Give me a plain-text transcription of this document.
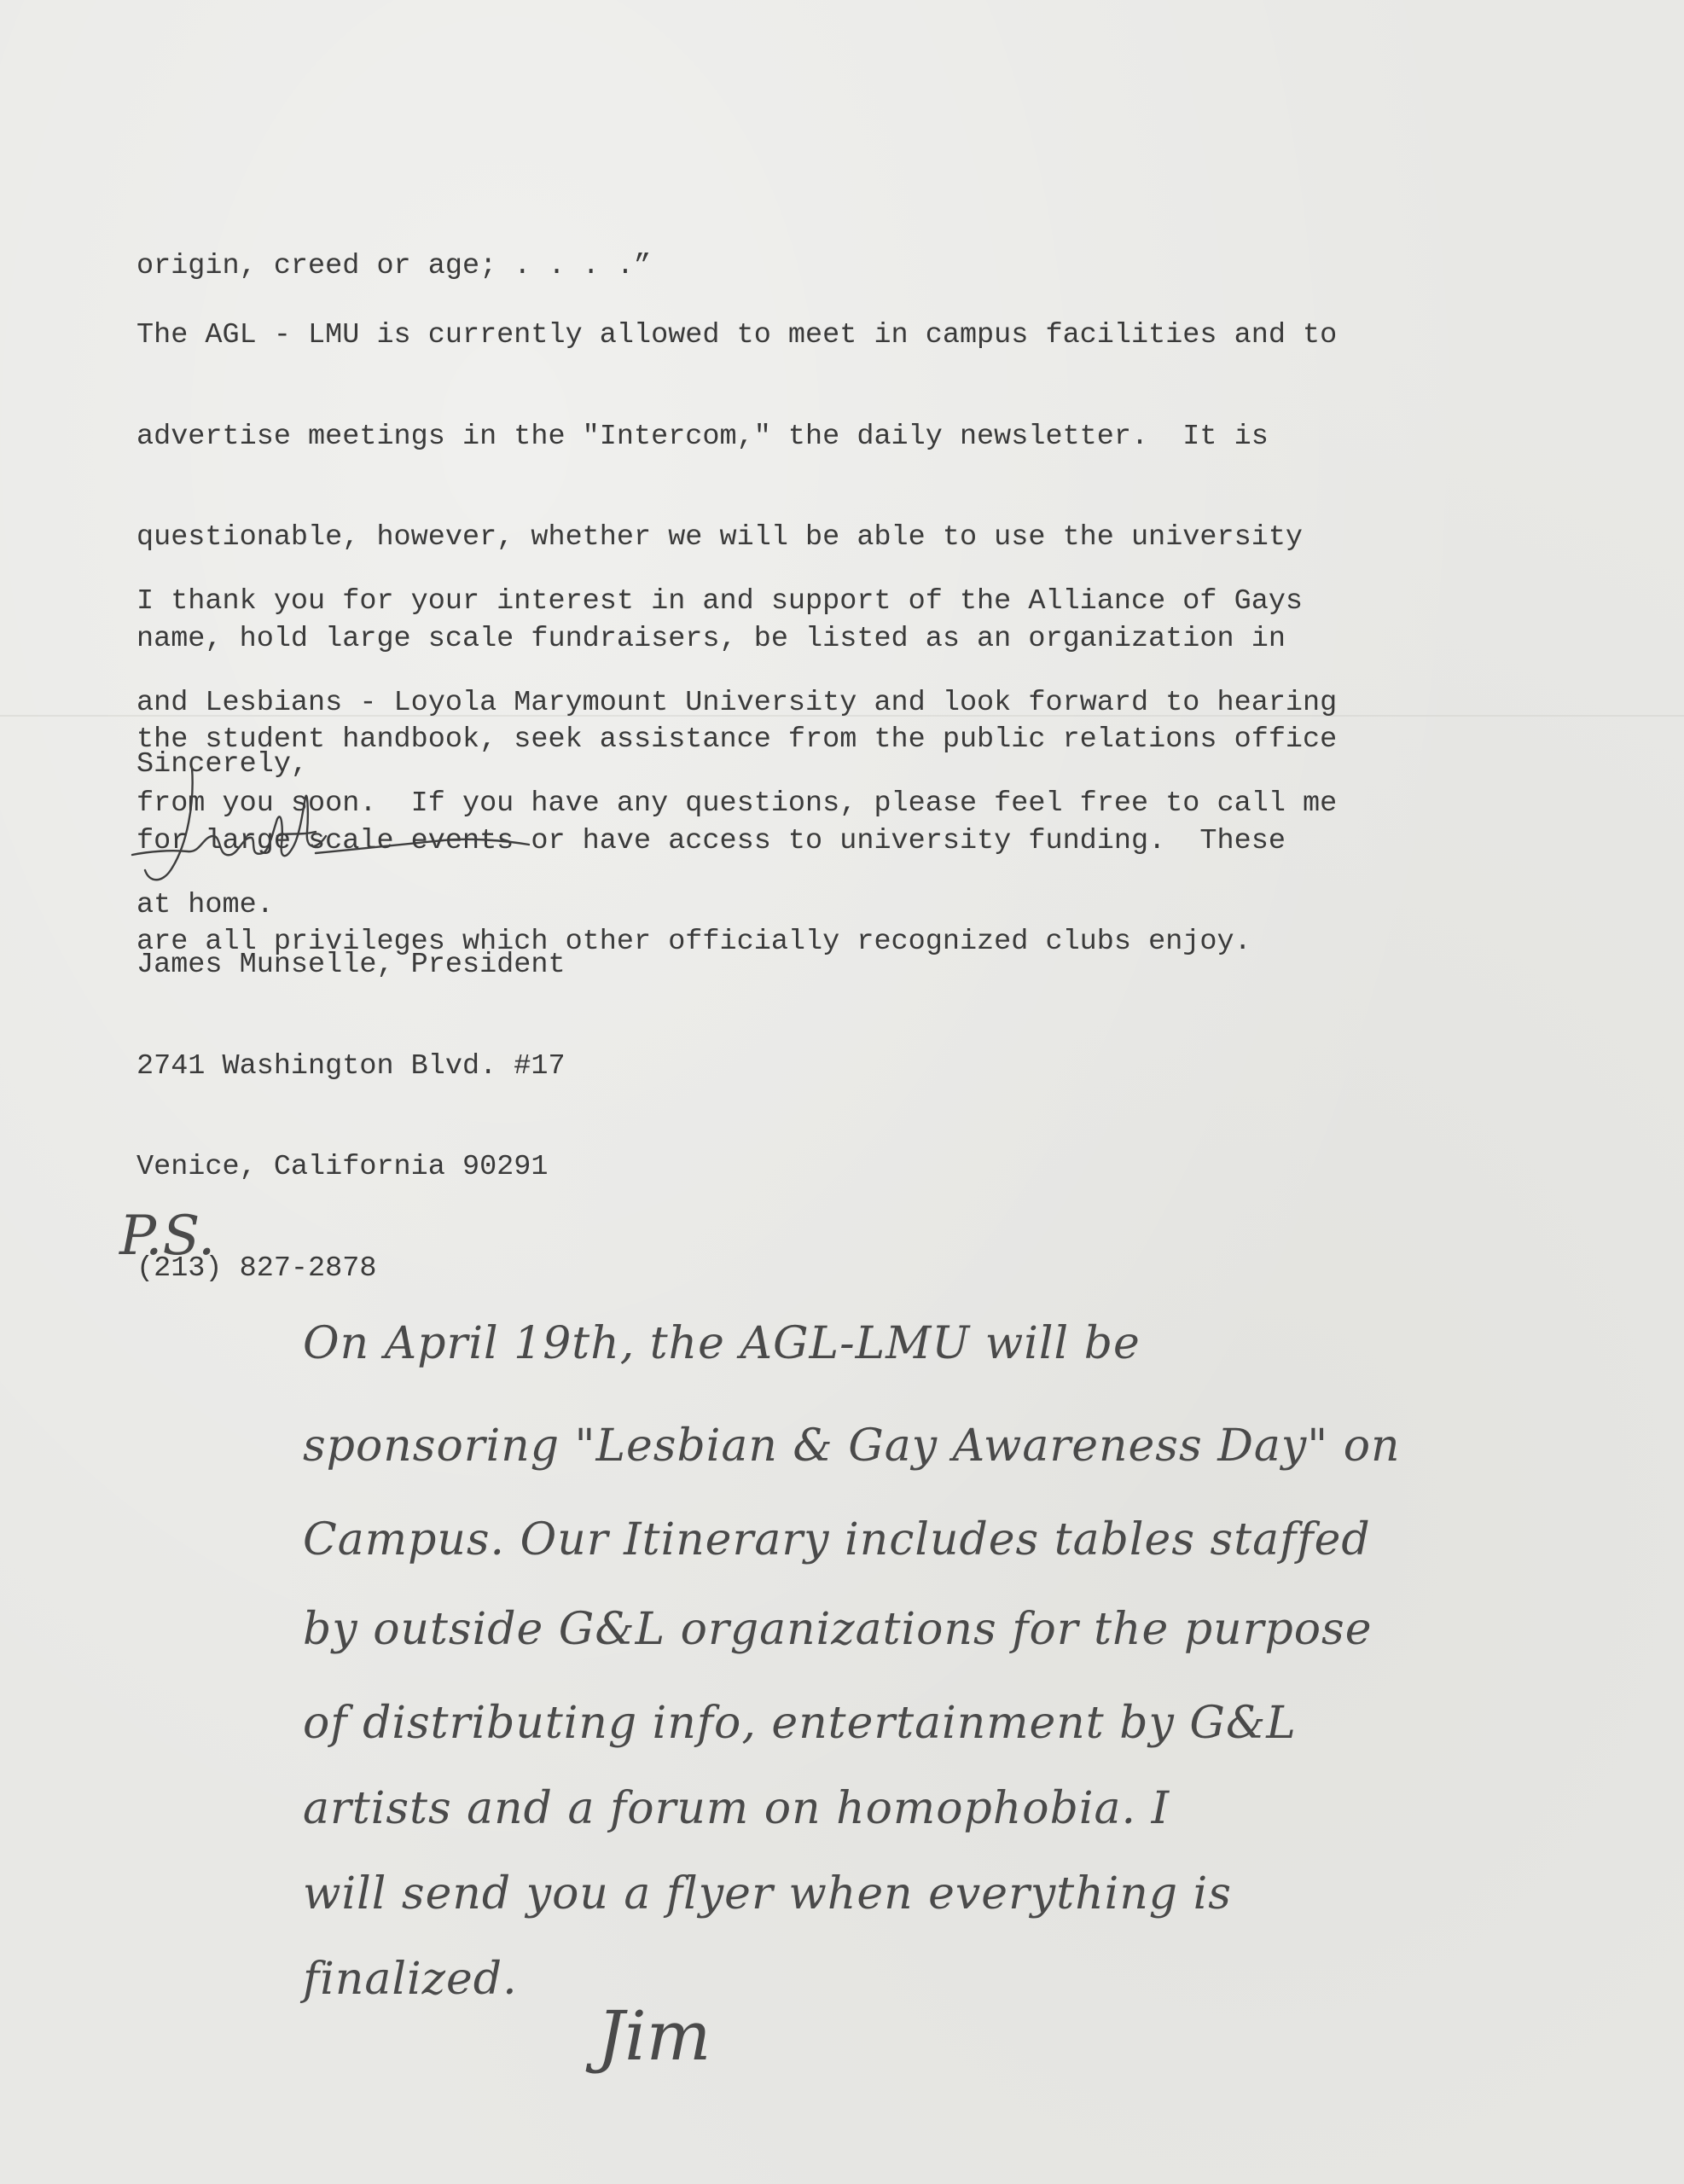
origin, creed or age; . . . .”

The AGL - LMU is currently allowed to meet in campus facilities and to

advertise meetings in the "Intercom," the daily newsletter.  It is

questionable, however, whether we will be able to use the university

name, hold large scale fundraisers, be listed as an organization in

the student handbook, seek assistance from the public relations office

for large scale events or have access to university funding.  These

are all privileges which other officially recognized clubs enjoy.

I thank you for your interest in and support of the Alliance of Gays

and Lesbians - Loyola Marymount University and look forward to hearing

from you soon.  If you have any questions, please feel free to call me

at home.

Sincerely,

James Munselle, President

2741 Washington Blvd. #17

Venice, California 90291

(213) 827-2878

P.S.
On April 19th, the AGL-LMU will be
sponsoring "Lesbian & Gay Awareness Day" on
Campus. Our Itinerary includes tables staffed
by outside G&L organizations for the purpose
of distributing info, entertainment by G&L
artists and a forum on homophobia. I
will send you a flyer when everything is
finalized.
Jim
